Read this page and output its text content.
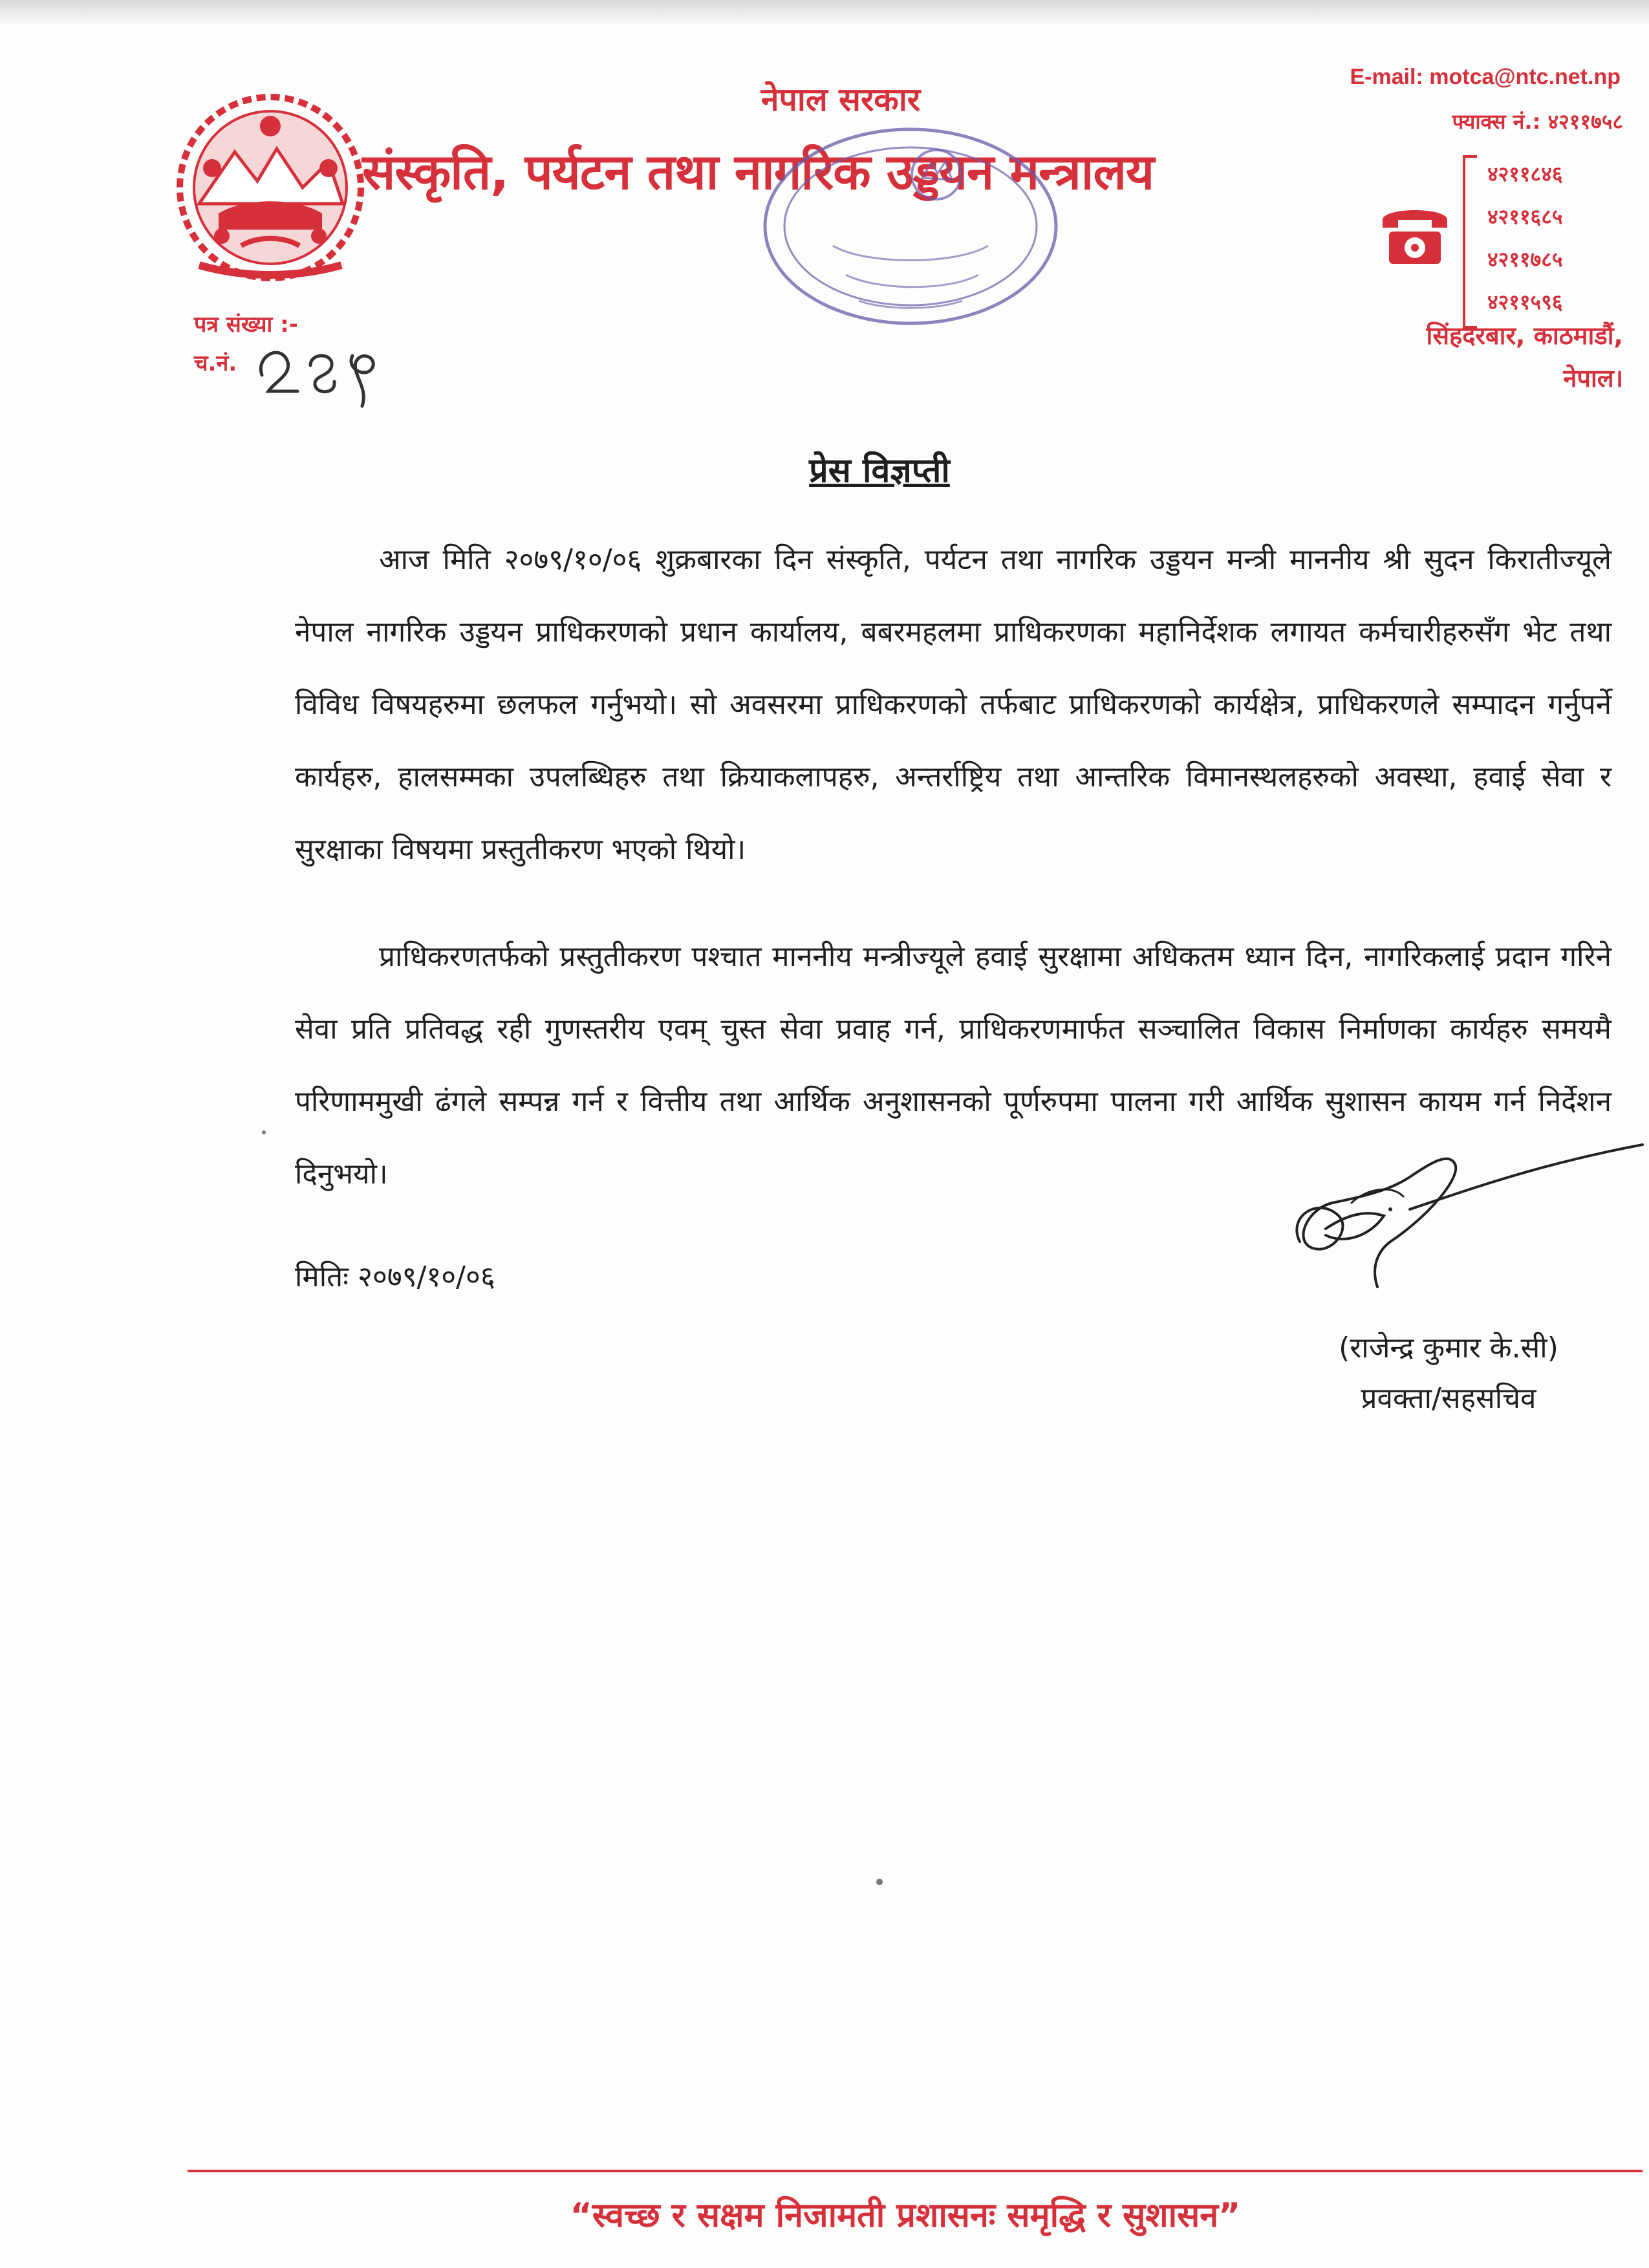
नेपाल सरकार
संस्कृति, पर्यटन तथा नागरिक उड्डयन मन्त्रालय
E-mail: motca@ntc.net.np
फ्याक्स नं.: ४२११७५८
४२११८४६
४२११६८५
४२११७८५
४२११५९६
सिंहदरबार, काठमाडौं,
नेपाल।
पत्र संख्या :-
च.नं.
प्रेस विज्ञप्ती

आज मिति २०७९/१०/०६ शुक्रबारका दिन संस्कृति, पर्यटन तथा नागरिक उड्डयन मन्त्री माननीय श्री सुदन किरातीज्यूले नेपाल नागरिक उड्डयन प्राधिकरणको प्रधान कार्यालय, बबरमहलमा प्राधिकरणका महानिर्देशक लगायत कर्मचारीहरुसँग भेट तथा विविध विषयहरुमा छलफल गर्नुभयो। सो अवसरमा प्राधिकरणको तर्फबाट प्राधिकरणको कार्यक्षेत्र, प्राधिकरणले सम्पादन गर्नुपर्ने कार्यहरु, हालसम्मका उपलब्धिहरु तथा क्रियाकलापहरु, अन्तर्राष्ट्रिय तथा आन्तरिक विमानस्थलहरुको अवस्था, हवाई सेवा र सुरक्षाका विषयमा प्रस्तुतीकरण भएको थियो।

प्राधिकरणतर्फको प्रस्तुतीकरण पश्चात माननीय मन्त्रीज्यूले हवाई सुरक्षामा अधिकतम ध्यान दिन, नागरिकलाई प्रदान गरिने सेवा प्रति प्रतिवद्ध रही गुणस्तरीय एवम् चुस्त सेवा प्रवाह गर्न, प्राधिकरणमार्फत सञ्चालित विकास निर्माणका कार्यहरु समयमै परिणाममुखी ढंगले सम्पन्न गर्न र वित्तीय तथा आर्थिक अनुशासनको पूर्णरुपमा पालना गरी आर्थिक सुशासन कायम गर्न निर्देशन दिनुभयो।

मितिः २०७९/१०/०६
(राजेन्द्र कुमार के.सी)
प्रवक्ता/सहसचिव
“स्वच्छ र सक्षम निजामती प्रशासनः समृद्धि र सुशासन”
